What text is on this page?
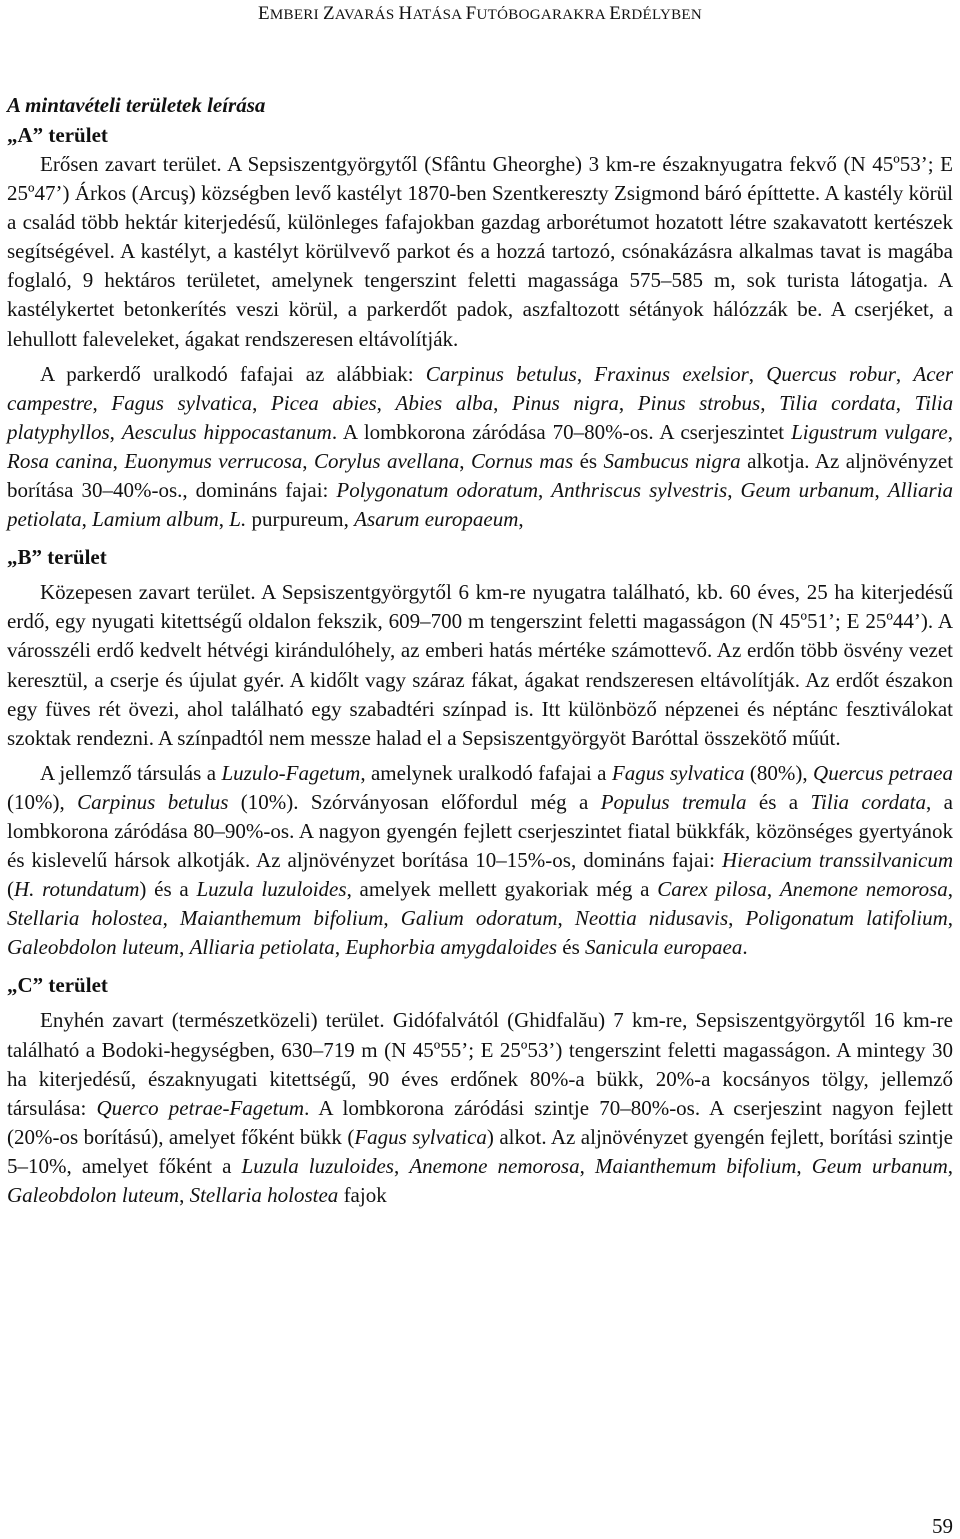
EMBERI ZAVARÁS HATÁSA FUTÓBOGARAKRA ERDÉLYBEN
A mintavételi területek leírása
„A” terület

Erősen zavart terület. A Sepsiszentgyörgytől (Sfântu Gheorghe) 3 km-re északnyugatra fekvő (N 45º53’; E 25º47’) Árkos (Arcuş) községben levő kastélyt 1870-ben Szentkereszty Zsigmond báró építtette. A kastély körül a család több hektár kiterjedésű, különleges fafajokban gazdag arborétumot hozatott létre szakavatott kertészek segítségével. A kastélyt, a kastélyt körülvevő parkot és a hozzá tartozó, csónakázásra alkalmas tavat is magába foglaló, 9 hektáros területet, amelynek tengerszint feletti magassága 575–585 m, sok turista látogatja. A kastélykertet betonkerítés veszi körül, a parkerdőt padok, aszfaltozott sétányok hálózzák be. A cserjéket, a lehullott faleveleket, ágakat rendszeresen eltávolítják.

A parkerdő uralkodó fafajai az alábbiak: Carpinus betulus, Fraxinus exelsior, Quercus robur, Acer campestre, Fagus sylvatica, Picea abies, Abies alba, Pinus nigra, Pinus strobus, Tilia cordata, Tilia platyphyllos, Aesculus hippocastanum. A lombkorona záródása 70–80%-os. A cserjeszintet Ligustrum vulgare, Rosa canina, Euonymus verrucosa, Corylus avellana, Cornus mas és Sambucus nigra alkotja. Az aljnövényzet borítása 30–40%-os., domináns fajai: Polygonatum odoratum, Anthriscus sylvestris, Geum urbanum, Alliaria petiolata, Lamium album, L. purpureum, Asarum europaeum,

„B” terület

Közepesen zavart terület. A Sepsiszentgyörgytől 6 km-re nyugatra található, kb. 60 éves, 25 ha kiterjedésű erdő, egy nyugati kitettségű oldalon fekszik, 609–700 m tengerszint feletti magasságon (N 45º51’; E 25º44’). A városszéli erdő kedvelt hétvégi kirándulóhely, az emberi hatás mértéke számottevő. Az erdőn több ösvény vezet keresztül, a cserje és újulat gyér. A kidőlt vagy száraz fákat, ágakat rendszeresen eltávolítják. Az erdőt északon egy füves rét övezi, ahol található egy szabadtéri színpad is. Itt különböző népzenei és néptánc fesztiválokat szoktak rendezni. A színpadtól nem messze halad el a Sepsiszentgyörgyöt Baróttal összekötő műút.

A jellemző társulás a Luzulo-Fagetum, amelynek uralkodó fafajai a Fagus sylvatica (80%), Quercus petraea (10%), Carpinus betulus (10%). Szórványosan előfordul még a Populus tremula és a Tilia cordata, a lombkorona záródása 80–90%-os. A nagyon gyengén fejlett cserjeszintet fiatal bükkfák, közönséges gyertyánok és kislevelű hársok alkotják. Az aljnövényzet borítása 10–15%-os, domináns fajai: Hieracium transsilvanicum (H. rotundatum) és a Luzula luzuloides, amelyek mellett gyakoriak még a Carex pilosa, Anemone nemorosa, Stellaria holostea, Maianthemum bifolium, Galium odoratum, Neottia nidusavis, Poligonatum latifolium, Galeobdolon luteum, Alliaria petiolata, Euphorbia amygdaloides és Sanicula europaea.

„C” terület

Enyhén zavart (természetközeli) terület. Gidófalvától (Ghidfalău) 7 km-re, Sepsiszentgyörgytől 16 km-re található a Bodoki-hegységben, 630–719 m (N 45º55’; E 25º53’) tengerszint feletti magasságon. A mintegy 30 ha kiterjedésű, északnyugati kitettségű, 90 éves erdőnek 80%-a bükk, 20%-a kocsányos tölgy, jellemző társulása: Querco petrae-Fagetum. A lombkorona záródási szintje 70–80%-os. A cserjeszint nagyon fejlett (20%-os borítású), amelyet főként bükk (Fagus sylvatica) alkot. Az aljnövényzet gyengén fejlett, borítási szintje 5–10%, amelyet főként a Luzula luzuloides, Anemone nemorosa, Maianthemum bifolium, Geum urbanum, Galeobdolon luteum, Stellaria holostea fajok

59
